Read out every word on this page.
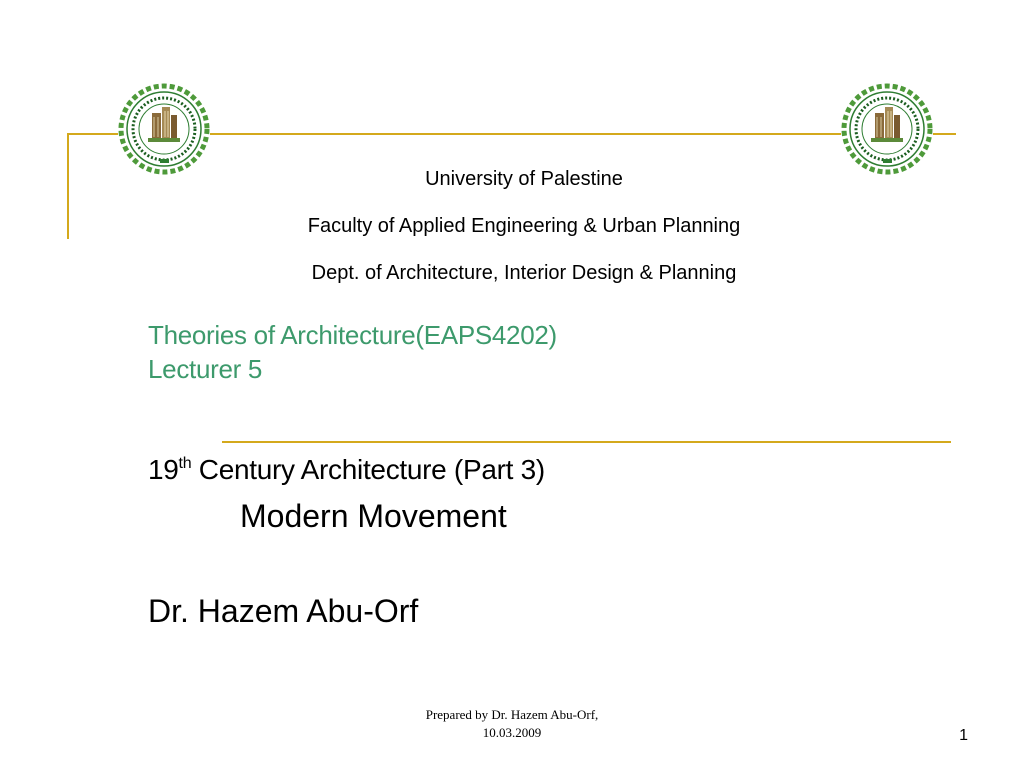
University of Palestine
Faculty of Applied Engineering & Urban Planning
Dept. of Architecture, Interior Design & Planning
Theories of Architecture(EAPS4202)
Lecturer 5
19th Century Architecture (Part 3)
Modern Movement
Dr. Hazem Abu-Orf
Prepared by Dr. Hazem Abu-Orf,
10.03.2009	1
